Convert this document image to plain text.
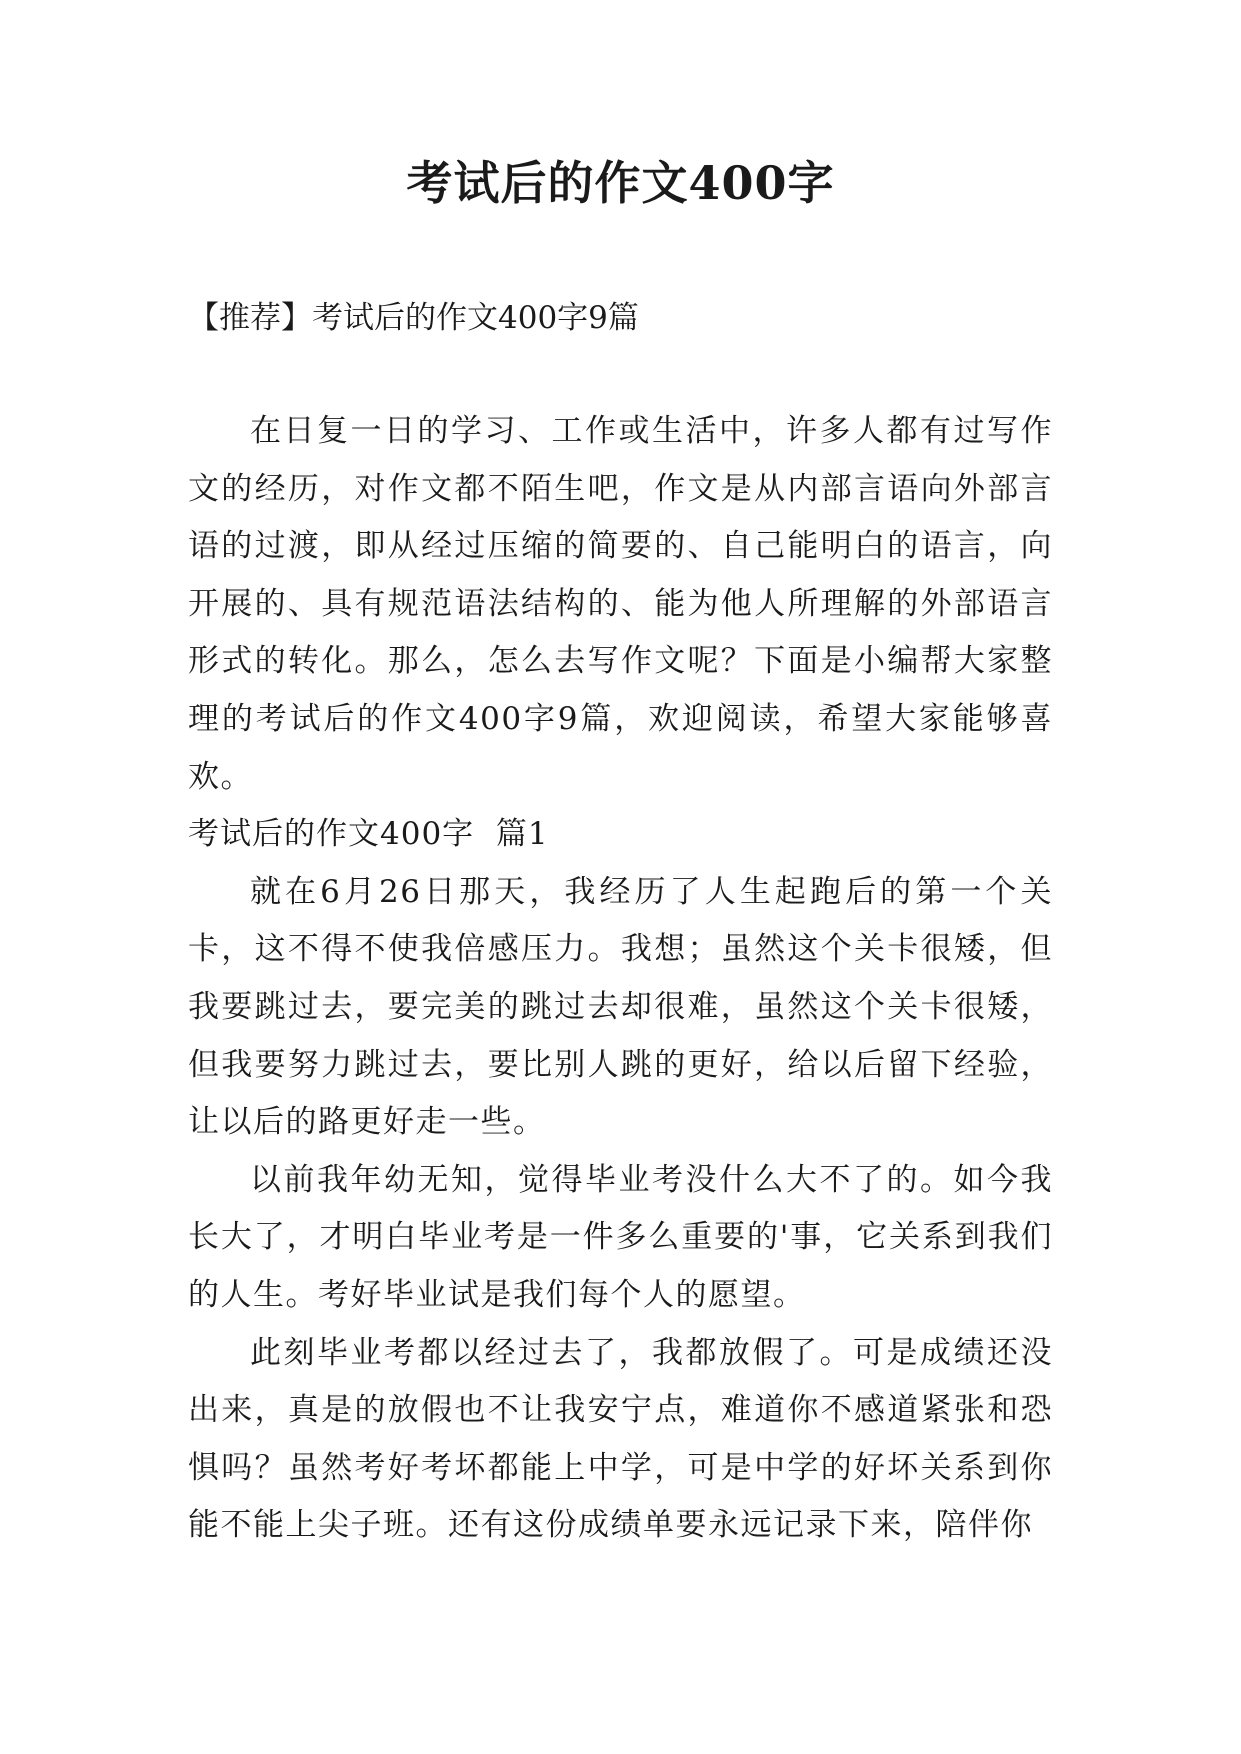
考试后的作文400字

【推荐】考试后的作文400字9篇

在日复一日的学习、工作或生活中，许多人都有过写作文的经历，对作文都不陌生吧，作文是从内部言语向外部言语的过渡，即从经过压缩的简要的、自己能明白的语言，向开展的、具有规范语法结构的、能为他人所理解的外部语言形式的转化。那么，怎么去写作文呢？下面是小编帮大家整理的考试后的作文400字9篇，欢迎阅读，希望大家能够喜欢。

考试后的作文400字  篇1

就在6月26日那天，我经历了人生起跑后的第一个关卡，这不得不使我倍感压力。我想；虽然这个关卡很矮，但我要跳过去，要完美的跳过去却很难，虽然这个关卡很矮，但我要努力跳过去，要比别人跳的更好，给以后留下经验，让以后的路更好走一些。

以前我年幼无知，觉得毕业考没什么大不了的。如今我长大了，才明白毕业考是一件多么重要的'事，它关系到我们的人生。考好毕业试是我们每个人的愿望。

此刻毕业考都以经过去了，我都放假了。可是成绩还没出来，真是的放假也不让我安宁点，难道你不感道紧张和恐惧吗？虽然考好考坏都能上中学，可是中学的好坏关系到你能不能上尖子班。还有这份成绩单要永远记录下来，陪伴你
